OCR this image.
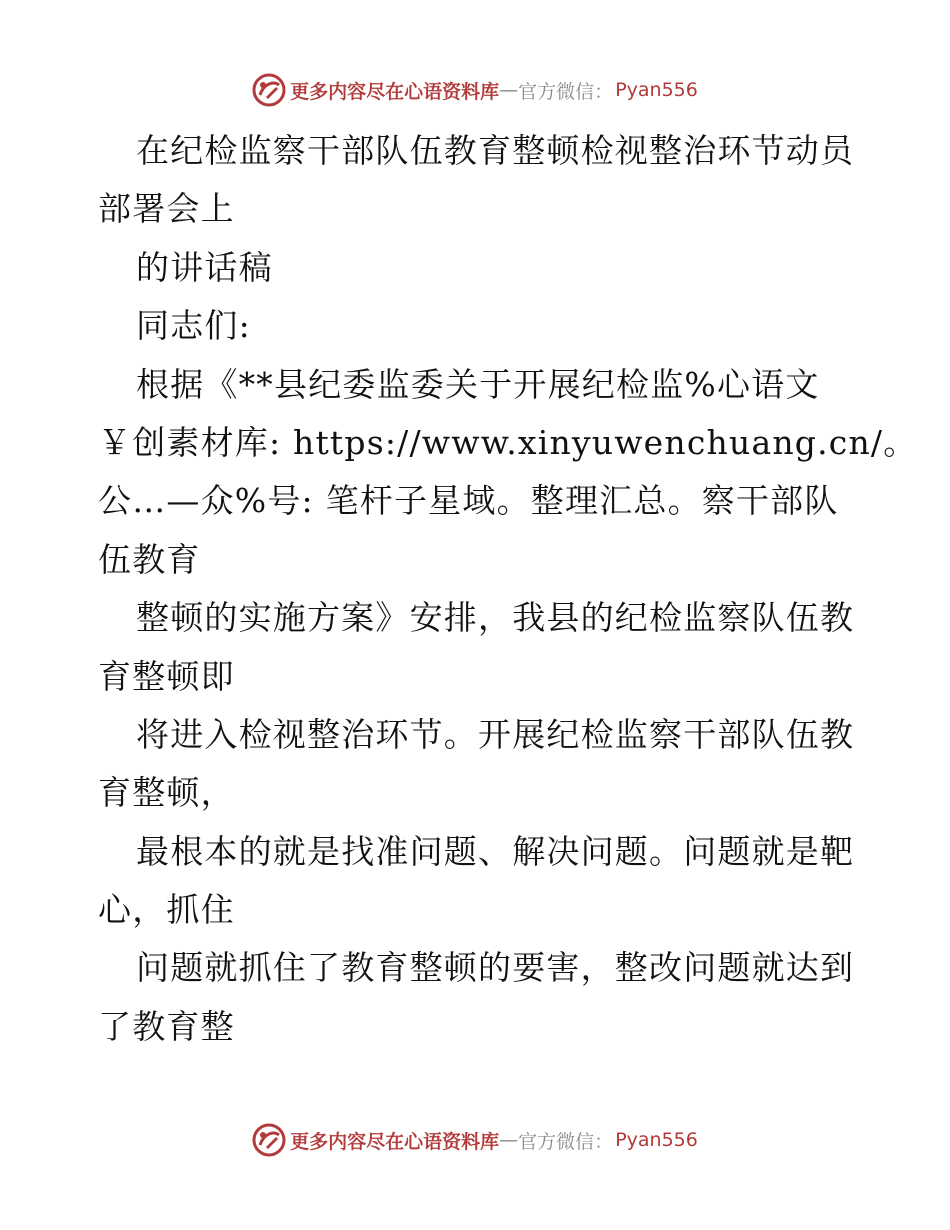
更多内容尽在心语资料库 — 官方微信： Pyan556
在纪检监察干部队伍教育整顿检视整治环节动员
部署会上
的讲话稿
同志们:
根据《**县纪委监委关于开展纪检监%心语文
￥创素材库: https://www.xinyuwenchuang.cn/。
公…—众%号: 笔杆子星域。整理汇总。察干部队
伍教育
整顿的实施方案》安排，我县的纪检监察队伍教
育整顿即
将进入检视整治环节。开展纪检监察干部队伍教
育整顿，
最根本的就是找准问题、解决问题。问题就是靶
心，抓住
问题就抓住了教育整顿的要害，整改问题就达到
了教育整
更多内容尽在心语资料库 — 官方微信： Pyan556
